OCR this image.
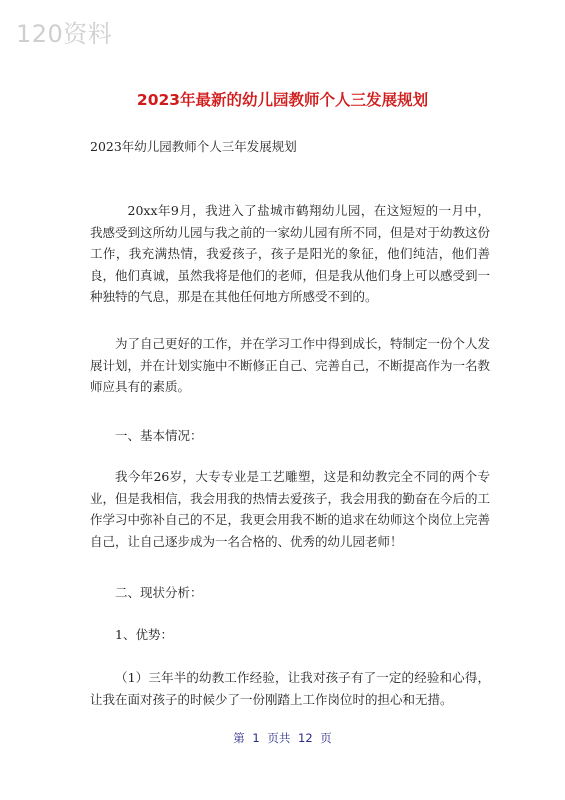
120资料
2023年最新的幼儿园教师个人三发展规划
2023年幼儿园教师个人三年发展规划

20xx年9月，我进入了盐城市鹤翔幼儿园，在这短短的一月中，我感受到这所幼儿园与我之前的一家幼儿园有所不同，但是对于幼教这份工作，我充满热情，我爱孩子，孩子是阳光的象征，他们纯洁，他们善良，他们真诚，虽然我将是他们的老师，但是我从他们身上可以感受到一种独特的气息，那是在其他任何地方所感受不到的。

为了自己更好的工作，并在学习工作中得到成长，特制定一份个人发展计划，并在计划实施中不断修正自己、完善自己，不断提高作为一名教师应具有的素质。

一、基本情况：

我今年26岁，大专专业是工艺雕塑，这是和幼教完全不同的两个专业，但是我相信，我会用我的热情去爱孩子，我会用我的勤奋在今后的工作学习中弥补自己的不足，我更会用我不断的追求在幼师这个岗位上完善自己，让自己逐步成为一名合格的、优秀的幼儿园老师！

二、现状分析：

1、优势：

（1）三年半的幼教工作经验，让我对孩子有了一定的经验和心得，让我在面对孩子的时候少了一份刚踏上工作岗位时的担心和无措。

第 1 页共 12 页
